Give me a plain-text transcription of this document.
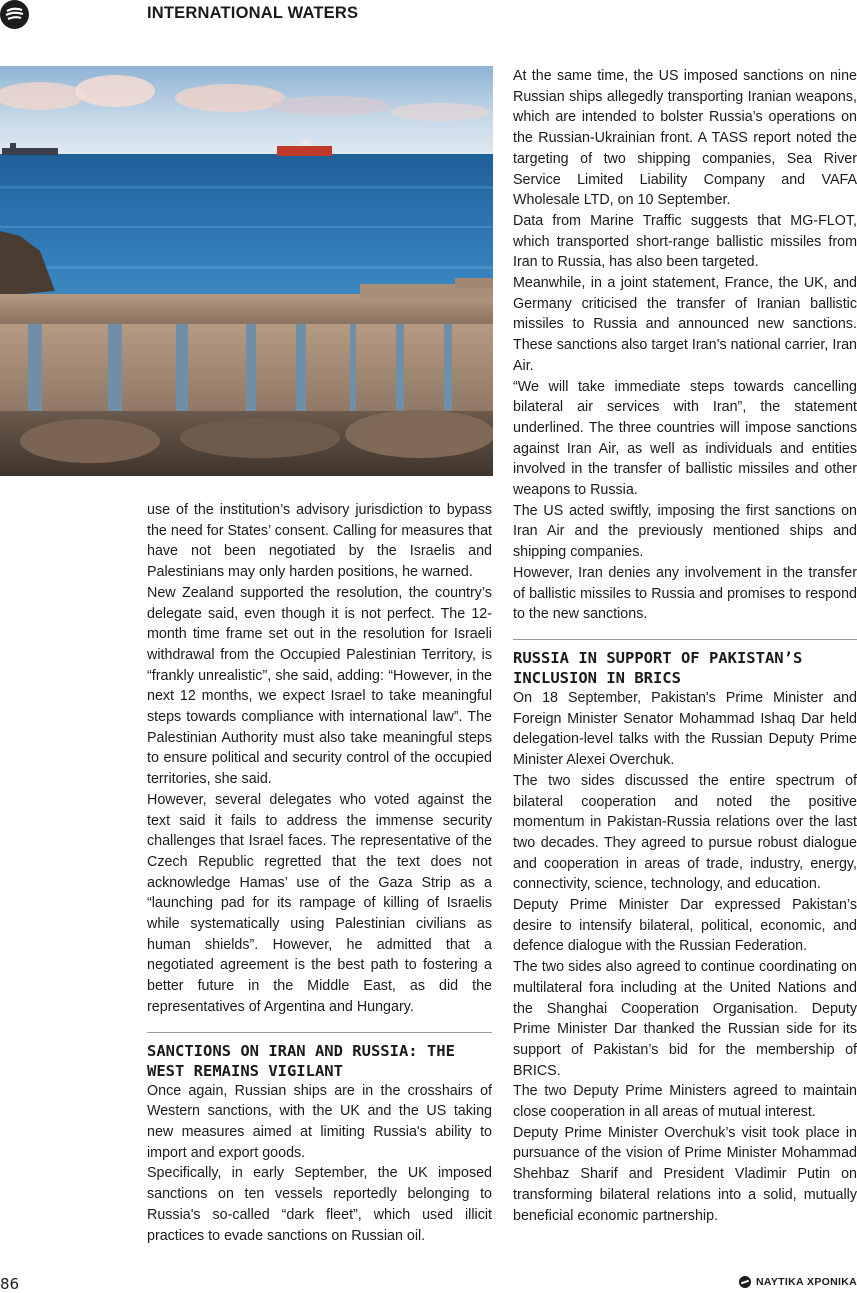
INTERNATIONAL WATERS

use of the institution’s advisory jurisdiction to bypass the need for States’ consent. Calling for measures that have not been negotiated by the Israelis and Palestinians may only harden positions, he warned.

New Zealand supported the resolution, the country’s delegate said, even though it is not perfect. The 12-month time frame set out in the resolution for Israeli withdrawal from the Occupied Palestinian Territory, is “frankly unrealistic”, she said, adding: “However, in the next 12 months, we expect Israel to take meaningful steps towards compliance with international law”. The Palestinian Authority must also take meaningful steps to ensure political and security control of the occupied territories, she said.

However, several delegates who voted against the text said it fails to address the immense security challenges that Israel faces. The representative of the Czech Republic regretted that the text does not acknowledge Hamas’ use of the Gaza Strip as a “launching pad for its rampage of killing of Israelis while systematically using Palestinian civilians as human shields”. However, he admitted that a negotiated agreement is the best path to fostering a better future in the Middle East, as did the representatives of Argentina and Hungary.

SANCTIONS ON IRAN AND RUSSIA: THE WEST REMAINS VIGILANT

Once again, Russian ships are in the crosshairs of Western sanctions, with the UK and the US taking new measures aimed at limiting Russia's ability to import and export goods.

Specifically, in early September, the UK imposed sanctions on ten vessels reportedly belonging to Russia's so-called “dark fleet”, which used illicit practices to evade sanctions on Russian oil.

At the same time, the US imposed sanctions on nine Russian ships allegedly transporting Iranian weapons, which are intended to bolster Russia’s operations on the Russian-Ukrainian front. A TASS report noted the targeting of two shipping companies, Sea River Service Limited Liability Company and VAFA Wholesale LTD, on 10 September.

Data from Marine Traffic suggests that MG-FLOT, which transported short-range ballistic missiles from Iran to Russia, has also been targeted.

Meanwhile, in a joint statement, France, the UK, and Germany criticised the transfer of Iranian ballistic missiles to Russia and announced new sanctions. These sanctions also target Iran’s national carrier, Iran Air.

“We will take immediate steps towards cancelling bilateral air services with Iran”, the statement underlined. The three countries will impose sanctions against Iran Air, as well as individuals and entities involved in the transfer of ballistic missiles and other weapons to Russia.

The US acted swiftly, imposing the first sanctions on Iran Air and the previously mentioned ships and shipping companies.

However, Iran denies any involvement in the transfer of ballistic missiles to Russia and promises to respond to the new sanctions.

RUSSIA IN SUPPORT OF PAKISTAN’S INCLUSION IN BRICS

On 18 September, Pakistan's Prime Minister and Foreign Minister Senator Mohammad Ishaq Dar held delegation-level talks with the Russian Deputy Prime Minister Alexei Overchuk.

The two sides discussed the entire spectrum of bilateral cooperation and noted the positive momentum in Pakistan-Russia relations over the last two decades. They agreed to pursue robust dialogue and cooperation in areas of trade, industry, energy, connectivity, science, technology, and education.

Deputy Prime Minister Dar expressed Pakistan’s desire to intensify bilateral, political, economic, and defence dialogue with the Russian Federation.

The two sides also agreed to continue coordinating on multilateral fora including at the United Nations and the Shanghai Cooperation Organisation. Deputy Prime Minister Dar thanked the Russian side for its support of Pakistan’s bid for the membership of BRICS.

The two Deputy Prime Ministers agreed to maintain close cooperation in all areas of mutual interest.

Deputy Prime Minister Overchuk’s visit took place in pursuance of the vision of Prime Minister Mohammad Shehbaz Sharif and President Vladimir Putin on transforming bilateral relations into a solid, mutually beneficial economic partnership.

86	ΝΑΥΤΙΚΑ ΧΡΟΝΙΚΑ
